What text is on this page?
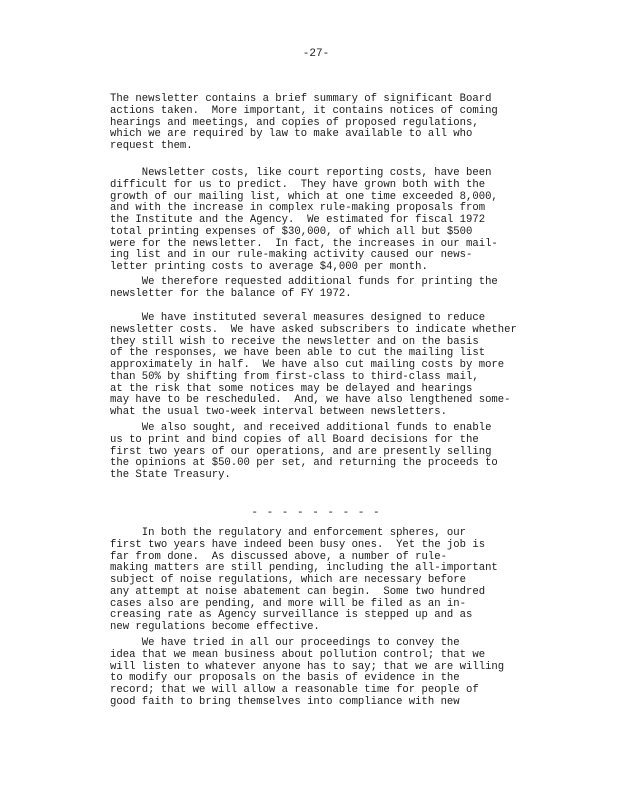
-27-
The newsletter contains a brief summary of significant Board
actions taken.  More important, it contains notices of coming
hearings and meetings, and copies of proposed regulations,
which we are required by law to make available to all who
request them.
Newsletter costs, like court reporting costs, have been
difficult for us to predict.  They have grown both with the
growth of our mailing list, which at one time exceeded 8,000,
and with the increase in complex rule-making proposals from
the Institute and the Agency.  We estimated for fiscal 1972
total printing expenses of $30,000, of which all but $500
were for the newsletter.  In fact, the increases in our mail-
ing list and in our rule-making activity caused our news-
letter printing costs to average $4,000 per month.
We therefore requested additional funds for printing the
newsletter for the balance of FY 1972.
We have instituted several measures designed to reduce
newsletter costs.  We have asked subscribers to indicate whether
they still wish to receive the newsletter and on the basis
of the responses, we have been able to cut the mailing list
approximately in half.  We have also cut mailing costs by more
than 50% by shifting from first-class to third-class mail,
at the risk that some notices may be delayed and hearings
may have to be rescheduled.  And, we have also lengthened some-
what the usual two-week interval between newsletters.
We also sought, and received additional funds to enable
us to print and bind copies of all Board decisions for the
first two years of our operations, and are presently selling
the opinions at $50.00 per set, and returning the proceeds to
the State Treasury.
- - - - - - - - -
In both the regulatory and enforcement spheres, our
first two years have indeed been busy ones.  Yet the job is
far from done.  As discussed above, a number of rule-
making matters are still pending, including the all-important
subject of noise regulations, which are necessary before
any attempt at noise abatement can begin.  Some two hundred
cases also are pending, and more will be filed as an in-
creasing rate as Agency surveillance is stepped up and as
new regulations become effective.
We have tried in all our proceedings to convey the
idea that we mean business about pollution control; that we
will listen to whatever anyone has to say; that we are willing
to modify our proposals on the basis of evidence in the
record; that we will allow a reasonable time for people of
good faith to bring themselves into compliance with new
